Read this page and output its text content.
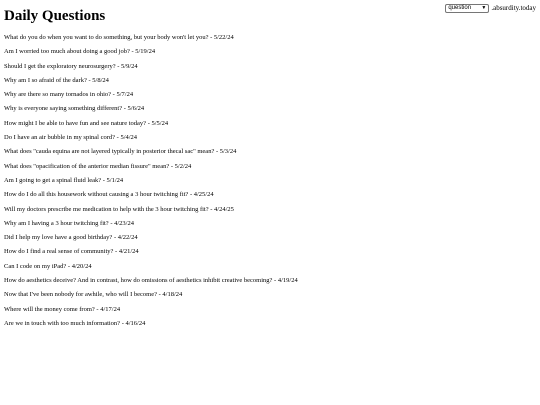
Daily Questions	question ▼ .absurdity.today
What do you do when you want to do something, but your body won't let you? - 5/22/24
Am I worried too much about doing a good job? - 5/19/24
Should I get the exploratory neurosurgery? - 5/9/24
Why am I so afraid of the dark? - 5/8/24
Why are there so many tornados in ohio? - 5/7/24
Why is everyone saying something different? - 5/6/24
How might I be able to have fun and see nature today? - 5/5/24
Do I have an air bubble in my spinal cord? - 5/4/24
What does "cauda equina are not layered typically in posterior thecal sac" mean? - 5/3/24
What does "opacification of the anterior median fissure" mean? - 5/2/24
Am I going to get a spinal fluid leak? - 5/1/24
How do I do all this housework without causing a 3 hour twitching fit? - 4/25/24
Will my doctors prescribe me medication to help with the 3 hour twitching fit? - 4/24/25
Why am I having a 3 hour twitching fit? - 4/23/24
Did I help my love have a good birthday? - 4/22/24
How do I find a real sense of community? - 4/21/24
Can I code on my iPad? - 4/20/24
How do aesthetics deceive? And in contrast, how do omissions of aesthetics inhibit creative becoming? - 4/19/24
Now that I've been nobody for awhile, who will I become? - 4/18/24
Where will the money come from? - 4/17/24
Are we in touch with too much information? - 4/16/24
